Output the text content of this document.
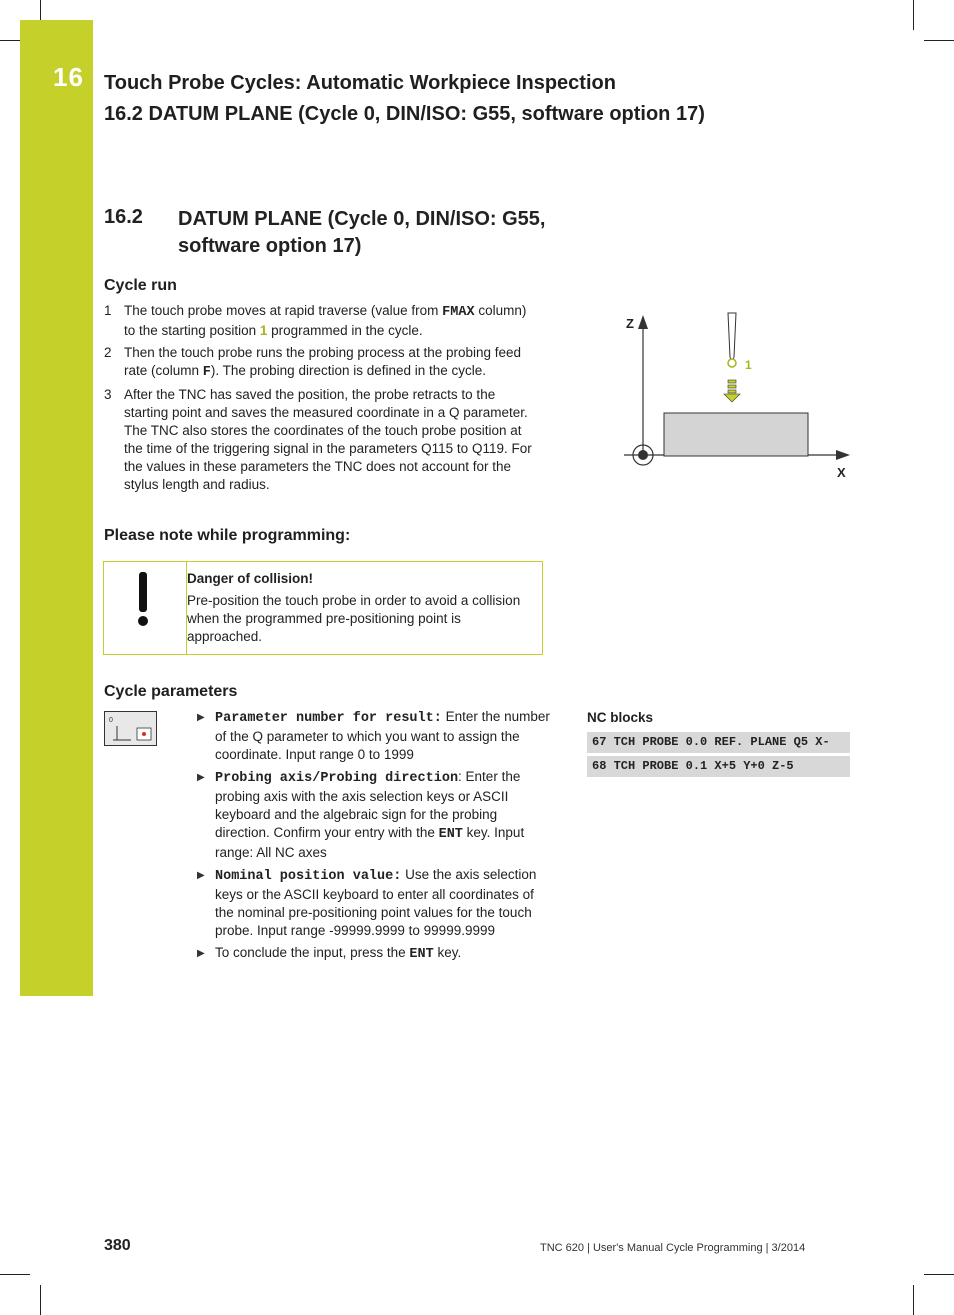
16 Touch Probe Cycles: Automatic Workpiece Inspection
16.2 DATUM PLANE (Cycle 0, DIN/ISO: G55, software option 17)
16.2 DATUM PLANE (Cycle 0, DIN/ISO: G55, software option 17)
Cycle run
1 The touch probe moves at rapid traverse (value from FMAX column) to the starting position 1 programmed in the cycle.
2 Then the touch probe runs the probing process at the probing feed rate (column F). The probing direction is defined in the cycle.
3 After the TNC has saved the position, the probe retracts to the starting point and saves the measured coordinate in a Q parameter. The TNC also stores the coordinates of the touch probe position at the time of the triggering signal in the parameters Q115 to Q119. For the values in these parameters the TNC does not account for the stylus length and radius.
Z
X
1
Please note while programming:
Danger of collision!
Pre-position the touch probe in order to avoid a collision when the programmed pre-positioning point is approached.
Cycle parameters
0	▶ Parameter number for result: Enter the number of the Q parameter to which you want to assign the coordinate. Input range 0 to 1999
▶ Probing axis/Probing direction: Enter the probing axis with the axis selection keys or ASCII keyboard and the algebraic sign for the probing direction. Confirm your entry with the ENT key. Input range: All NC axes
▶ Nominal position value: Use the axis selection keys or the ASCII keyboard to enter all coordinates of the nominal pre-positioning point values for the touch probe. Input range -99999.9999 to 99999.9999
▶ To conclude the input, press the ENT key.
NC blocks
67 TCH PROBE 0.0 REF. PLANE Q5 X-
68 TCH PROBE 0.1 X+5 Y+0 Z-5
380	TNC 620 | User's Manual Cycle Programming | 3/2014
